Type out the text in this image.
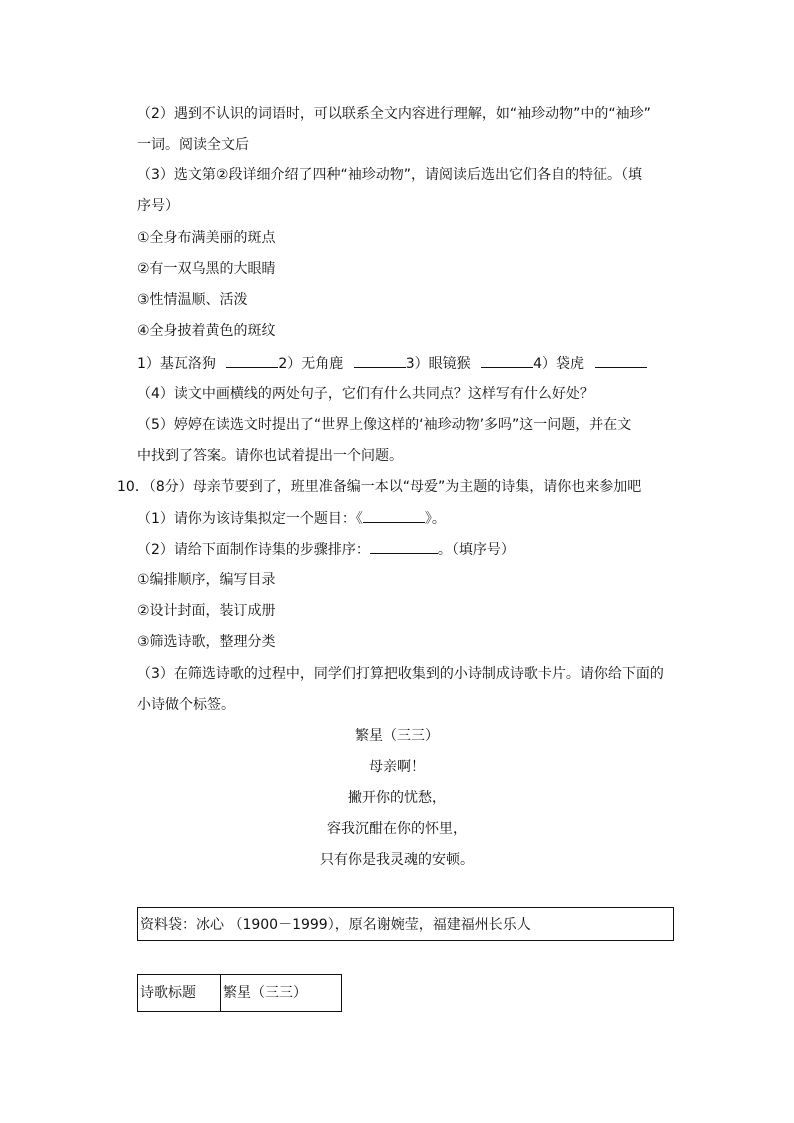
（2）遇到不认识的词语时，可以联系全文内容进行理解，如“袖珍动物”中的“袖珍”
一词。阅读全文后
（3）选文第②段详细介绍了四种“袖珍动物”，请阅读后选出它们各自的特征。（填
序号）
①全身布满美丽的斑点
②有一双乌黑的大眼睛
③性情温顺、活泼
④全身披着黄色的斑纹
1）基瓦洛狗	2）无角鹿	3）眼镜猴	4）袋虎
（4）读文中画横线的两处句子，它们有什么共同点？这样写有什么好处？
（5）婷婷在读选文时提出了“世界上像这样的‘袖珍动物’多吗”这一问题，并在文
中找到了答案。请你也试着提出一个问题。
10．（8分）母亲节要到了，班里准备编一本以“母爱”为主题的诗集，请你也来参加吧
（1）请你为该诗集拟定一个题目：《	》。
（2）请给下面制作诗集的步骤排序：	。（填序号）
①编排顺序，编写目录
②设计封面，装订成册
③筛选诗歌，整理分类
（3）在筛选诗歌的过程中，同学们打算把收集到的小诗制成诗歌卡片。请你给下面的
小诗做个标签。
繁星（三三）
母亲啊！
撇开你的忧愁，
容我沉酣在你的怀里，
只有你是我灵魂的安顿。
资料袋：冰心 （1900－1999），原名谢婉莹，福建福州长乐人
诗歌标题	繁星（三三）
